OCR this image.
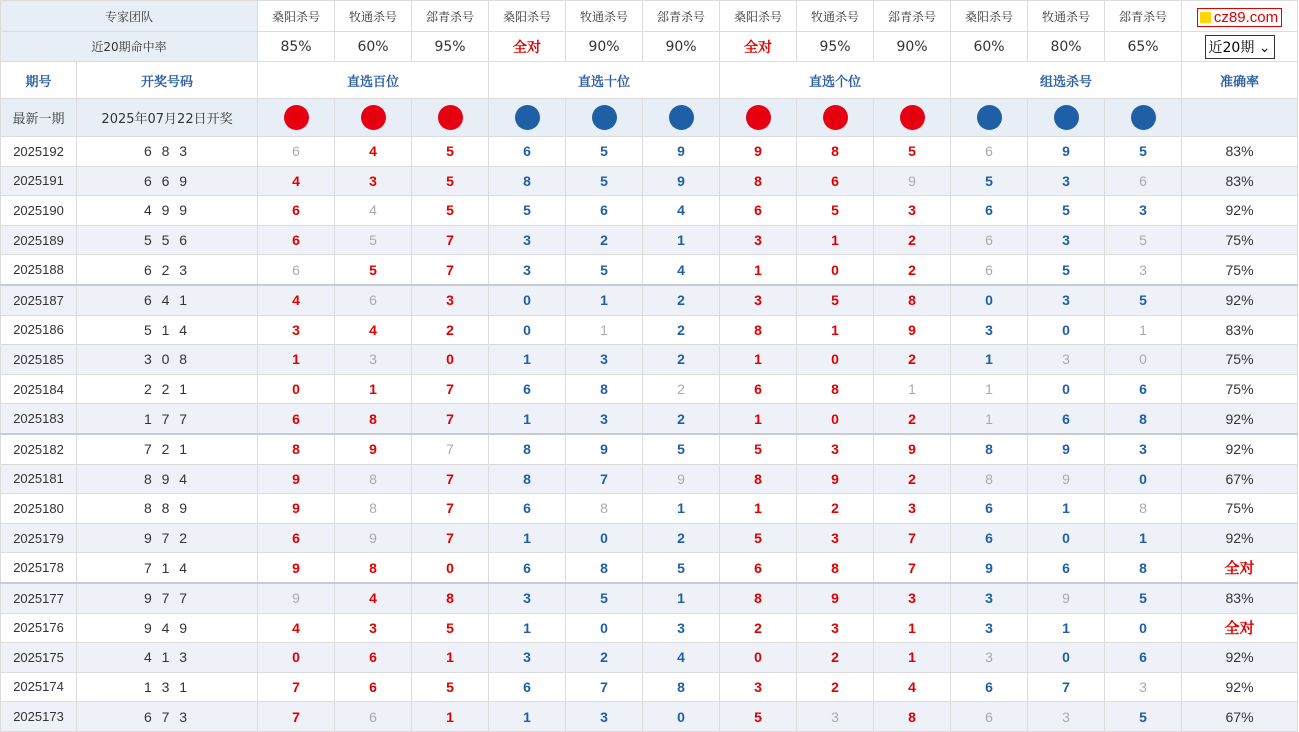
专家团队		桑阳杀号	牧通杀号	郐青杀号	桑阳杀号	牧通杀号	郐青杀号	桑阳杀号	牧通杀号	郐青杀号	桑阳杀号	牧通杀号	郐青杀号	cz89.com
近20期命中率		85%	60%	95%	全对	90%	90%	全对	95%	90%	60%	80%	65%	近20期 ⌄
期号	开奖号码	直选百位			直选十位			直选个位			组选杀号			准确率
最新一期	2025年07月22日开奖	6	5	7	8	6	9	3	2	9	6	3	8	
2025192	6 8 3	6	4	5	6	5	9	9	8	5	6	9	5	83%
2025191	6 6 9	4	3	5	8	5	9	8	6	9	5	3	6	83%
2025190	4 9 9	6	4	5	5	6	4	6	5	3	6	5	3	92%
2025189	5 5 6	6	5	7	3	2	1	3	1	2	6	3	5	75%
2025188	6 2 3	6	5	7	3	5	4	1	0	2	6	5	3	75%
2025187	6 4 1	4	6	3	0	1	2	3	5	8	0	3	5	92%
2025186	5 1 4	3	4	2	0	1	2	8	1	9	3	0	1	83%
2025185	3 0 8	1	3	0	1	3	2	1	0	2	1	3	0	75%
2025184	2 2 1	0	1	7	6	8	2	6	8	1	1	0	6	75%
2025183	1 7 7	6	8	7	1	3	2	1	0	2	1	6	8	92%
2025182	7 2 1	8	9	7	8	9	5	5	3	9	8	9	3	92%
2025181	8 9 4	9	8	7	8	7	9	8	9	2	8	9	0	67%
2025180	8 8 9	9	8	7	6	8	1	1	2	3	6	1	8	75%
2025179	9 7 2	6	9	7	1	0	2	5	3	7	6	0	1	92%
2025178	7 1 4	9	8	0	6	8	5	6	8	7	9	6	8	全对
2025177	9 7 7	9	4	8	3	5	1	8	9	3	3	9	5	83%
2025176	9 4 9	4	3	5	1	0	3	2	3	1	3	1	0	全对
2025175	4 1 3	0	6	1	3	2	4	0	2	1	3	0	6	92%
2025174	1 3 1	7	6	5	6	7	8	3	2	4	6	7	3	92%
2025173	6 7 3	7	6	1	1	3	0	5	3	8	6	3	5	67%
